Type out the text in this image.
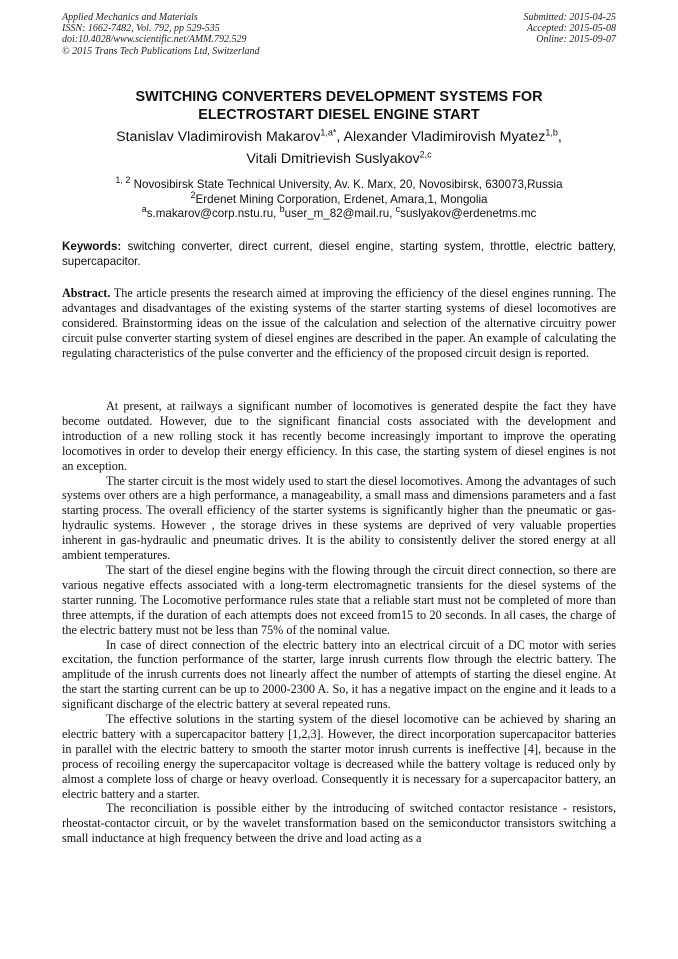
Applied Mechanics and Materials
ISSN: 1662-7482, Vol. 792, pp 529-535
doi:10.4028/www.scientific.net/AMM.792.529
© 2015 Trans Tech Publications Ltd, Switzerland
Submitted: 2015-04-25
Accepted: 2015-05-08
Online: 2015-09-07
SWITCHING CONVERTERS DEVELOPMENT SYSTEMS FOR
ELECTROSTART DIESEL ENGINE START
Stanislav Vladimirovish Makarov$^{1,a*}$, Alexander Vladimirovish Myatez$^{1,b}$,
Vitali Dmitrievish Suslyakov$^{2,c}$
$^{1, 2}$ Novosibirsk State Technical University, Av. K. Marx, 20, Novosibirsk, 630073,Russia
$^2$Erdenet Mining Corporation, Erdenet, Amara,1, Mongolia
$^a$s.makarov@corp.nstu.ru, $^b$user_m_82@mail.ru, $^c$suslyakov@erdenetms.mc
Keywords: switching converter, direct current, diesel engine, starting system, throttle, electric battery, supercapacitor.
Abstract. The article presents the research aimed at improving the efficiency of the diesel engines running. The advantages and disadvantages of the existing systems of the starter starting systems of diesel locomotives are considered. Brainstorming ideas on the issue of the calculation and selection of the alternative circuitry power circuit pulse converter starting system of diesel engines are described in the paper. An example of calculating the regulating characteristics of the pulse converter and the efficiency of the proposed circuit design is reported.

At present, at railways a significant number of locomotives is generated despite the fact they have become outdated. However, due to the significant financial costs associated with the development and introduction of a new rolling stock it has recently become increasingly important to improve the operating locomotives in order to develop their energy efficiency. In this case, the starting system of diesel engines is not an exception.

The starter circuit is the most widely used to start the diesel locomotives. Among the advantages of such systems over others are a high performance, a manageability, a small mass and dimensions parameters and a fast starting process. The overall efficiency of the starter systems is significantly higher than the pneumatic or gas-hydraulic systems. However , the storage drives in these systems are deprived of very valuable properties inherent in gas-hydraulic and pneumatic drives. It is the ability to consistently deliver the stored energy at all ambient temperatures.

The start of the diesel engine begins with the flowing through the circuit direct connection, so there are various negative effects associated with a long-term electromagnetic transients for the diesel systems of the starter running. The Locomotive performance rules state that a reliable start must not be completed of more than three attempts, if the duration of each attempts does not exceed from15 to 20 seconds. In all cases, the charge of the electric battery must not be less than 75% of the nominal value.

In case of direct connection of the electric battery into an electrical circuit of a DC motor with series excitation, the function performance of the starter, large inrush currents flow through the electric battery. The amplitude of the inrush currents does not linearly affect the number of attempts of starting the diesel engine. At the start the starting current can be up to 2000-2300 A. So, it has a negative impact on the engine and it leads to a significant discharge of the electric battery at several repeated runs.

The effective solutions in the starting system of the diesel locomotive can be achieved by sharing an electric battery with a supercapacitor battery [1,2,3]. However, the direct incorporation supercapacitor batteries in parallel with the electric battery to smooth the starter motor inrush currents is ineffective [4], because in the process of recoiling energy the supercapacitor voltage is decreased while the battery voltage is reduced only by almost a complete loss of charge or heavy overload. Consequently it is necessary for a supercapacitor battery, an electric battery and a starter.

The reconciliation is possible either by the introducing of switched contactor resistance - resistors, rheostat-contactor circuit, or by the wavelet transformation based on the semiconductor transistors switching a small inductance at high frequency between the drive and load acting as a
